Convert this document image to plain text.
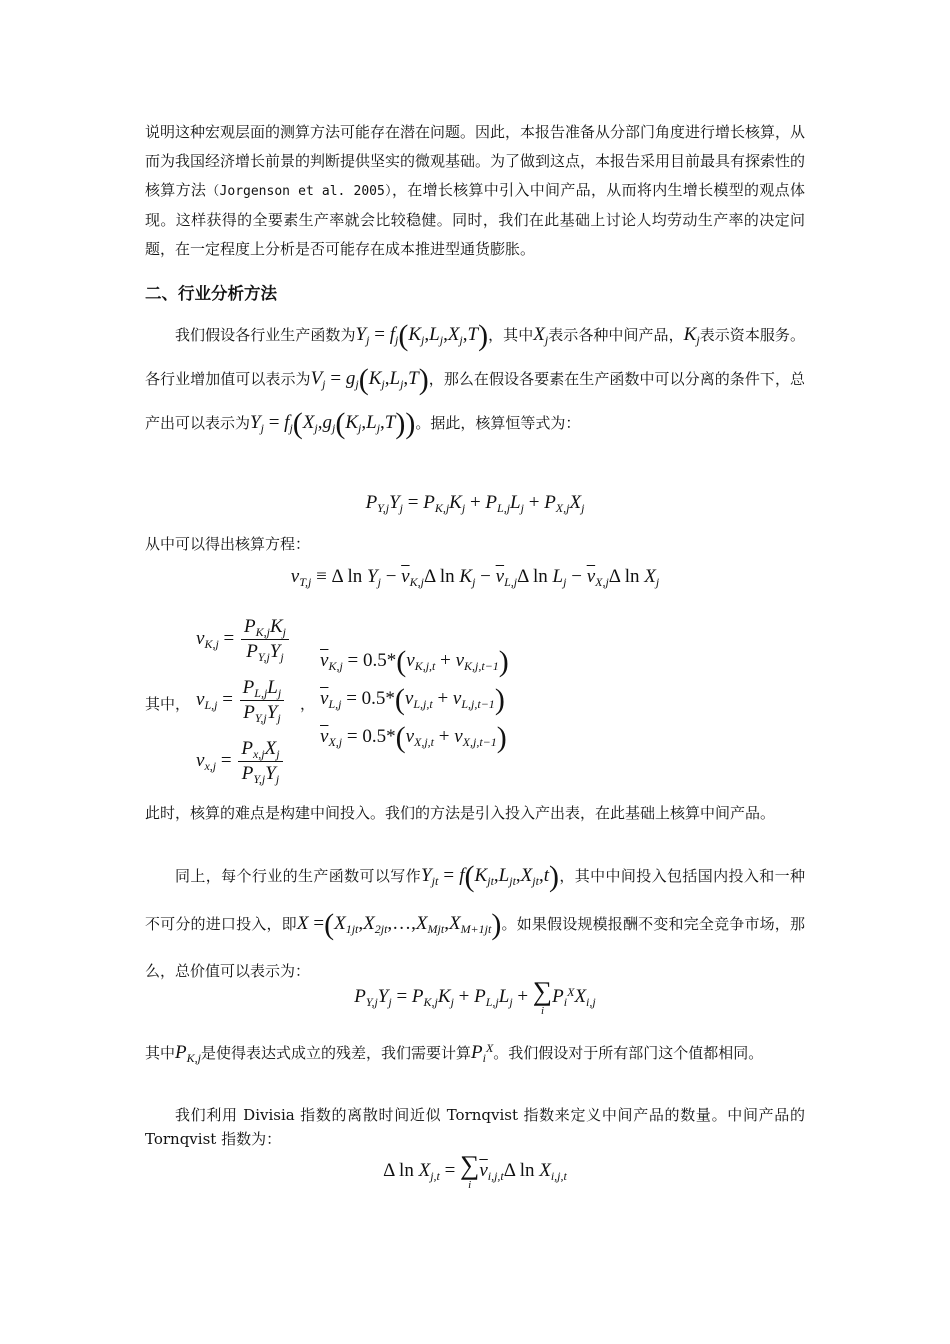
说明这种宏观层面的测算方法可能存在潜在问题。因此，本报告准备从分部门角度进行增长核算，从而为我国经济增长前景的判断提供坚实的微观基础。为了做到这点，本报告采用目前最具有探索性的核算方法（Jorgenson et al. 2005），在增长核算中引入中间产品，从而将内生增长模型的观点体现。这样获得的全要素生产率就会比较稳健。同时，我们在此基础上讨论人均劳动生产率的决定问题，在一定程度上分析是否可能存在成本推进型通货膨胀。

二、行业分析方法

我们假设各行业生产函数为$Y_j = f_j(K_j,L_j,X_j,T)$，其中$X_j$表示各种中间产品，$K_j$表示资本服务。各行业增加值可以表示为$V_j = g_j(K_j,L_j,T)$，那么在假设各要素在生产函数中可以分离的条件下，总产出可以表示为$Y_j = f_j(X_j,g_j(K_j,L_j,T))$。据此，核算恒等式为：

$P_{Y,j}Y_j = P_{K,j}K_j + P_{L,j}L_j + P_{X,j}X_j$

从中可以得出核算方程：

$v_{T,j} \equiv \Delta$ $\ln Y_j - \overline{v}_{K,j}\Delta$ $\ln K_j - \overline{v}_{L,j}\Delta$ $\ln L_j - \overline{v}_{X,j}\Delta$ $\ln X_j$
其中，
$v_{K,j} = \frac{P_{K,j}K_j}{P_{Y,j}Y_j}$
$v_{L,j} = \frac{P_{L,j}L_j}{P_{Y,j}Y_j}$
$v_{x,j} = \frac{P_{x,j}X_j}{P_{Y,j}Y_j}$
，
$\overline{v}_{K,j} = 0.5*(v_{K,j,t} + v_{K,j,t-1})$
$\overline{v}_{L,j} = 0.5*(v_{L,j,t} + v_{L,j,t-1})$
$\overline{v}_{X,j} = 0.5*(v_{X,j,t} + v_{X,j,t-1})$

此时，核算的难点是构建中间投入。我们的方法是引入投入产出表，在此基础上核算中间产品。

同上，每个行业的生产函数可以写作$Y_{jt} = f(K_{jt},L_{jt},X_{jt},t)$，其中中间投入包括国内投入和一种不可分的进口投入，即$X =(X_{1jt},X_{2jt},\dots,X_{Mjt},X_{M+1jt})$。如果假设规模报酬不变和完全竞争市场，那么，总价值可以表示为：

$P_{Y,j}Y_j = P_{K,j}K_j + P_{L,j}L_j$ + ∑
i
$P_i^XX_{i,j}$

其中$P_{K,j}$是使得表达式成立的残差，我们需要计算$P_i^X$。我们假设对于所有部门这个值都相同。

我们利用 Divisia 指数的离散时间近似 Tornqvist 指数来定义中间产品的数量。中间产品的 Tornqvist 指数为：

Δ $\ln X_{j,t}$ = ∑
i
$\overline{v}_{i,j,t}\Delta$ $\ln X_{i,j,t}$
